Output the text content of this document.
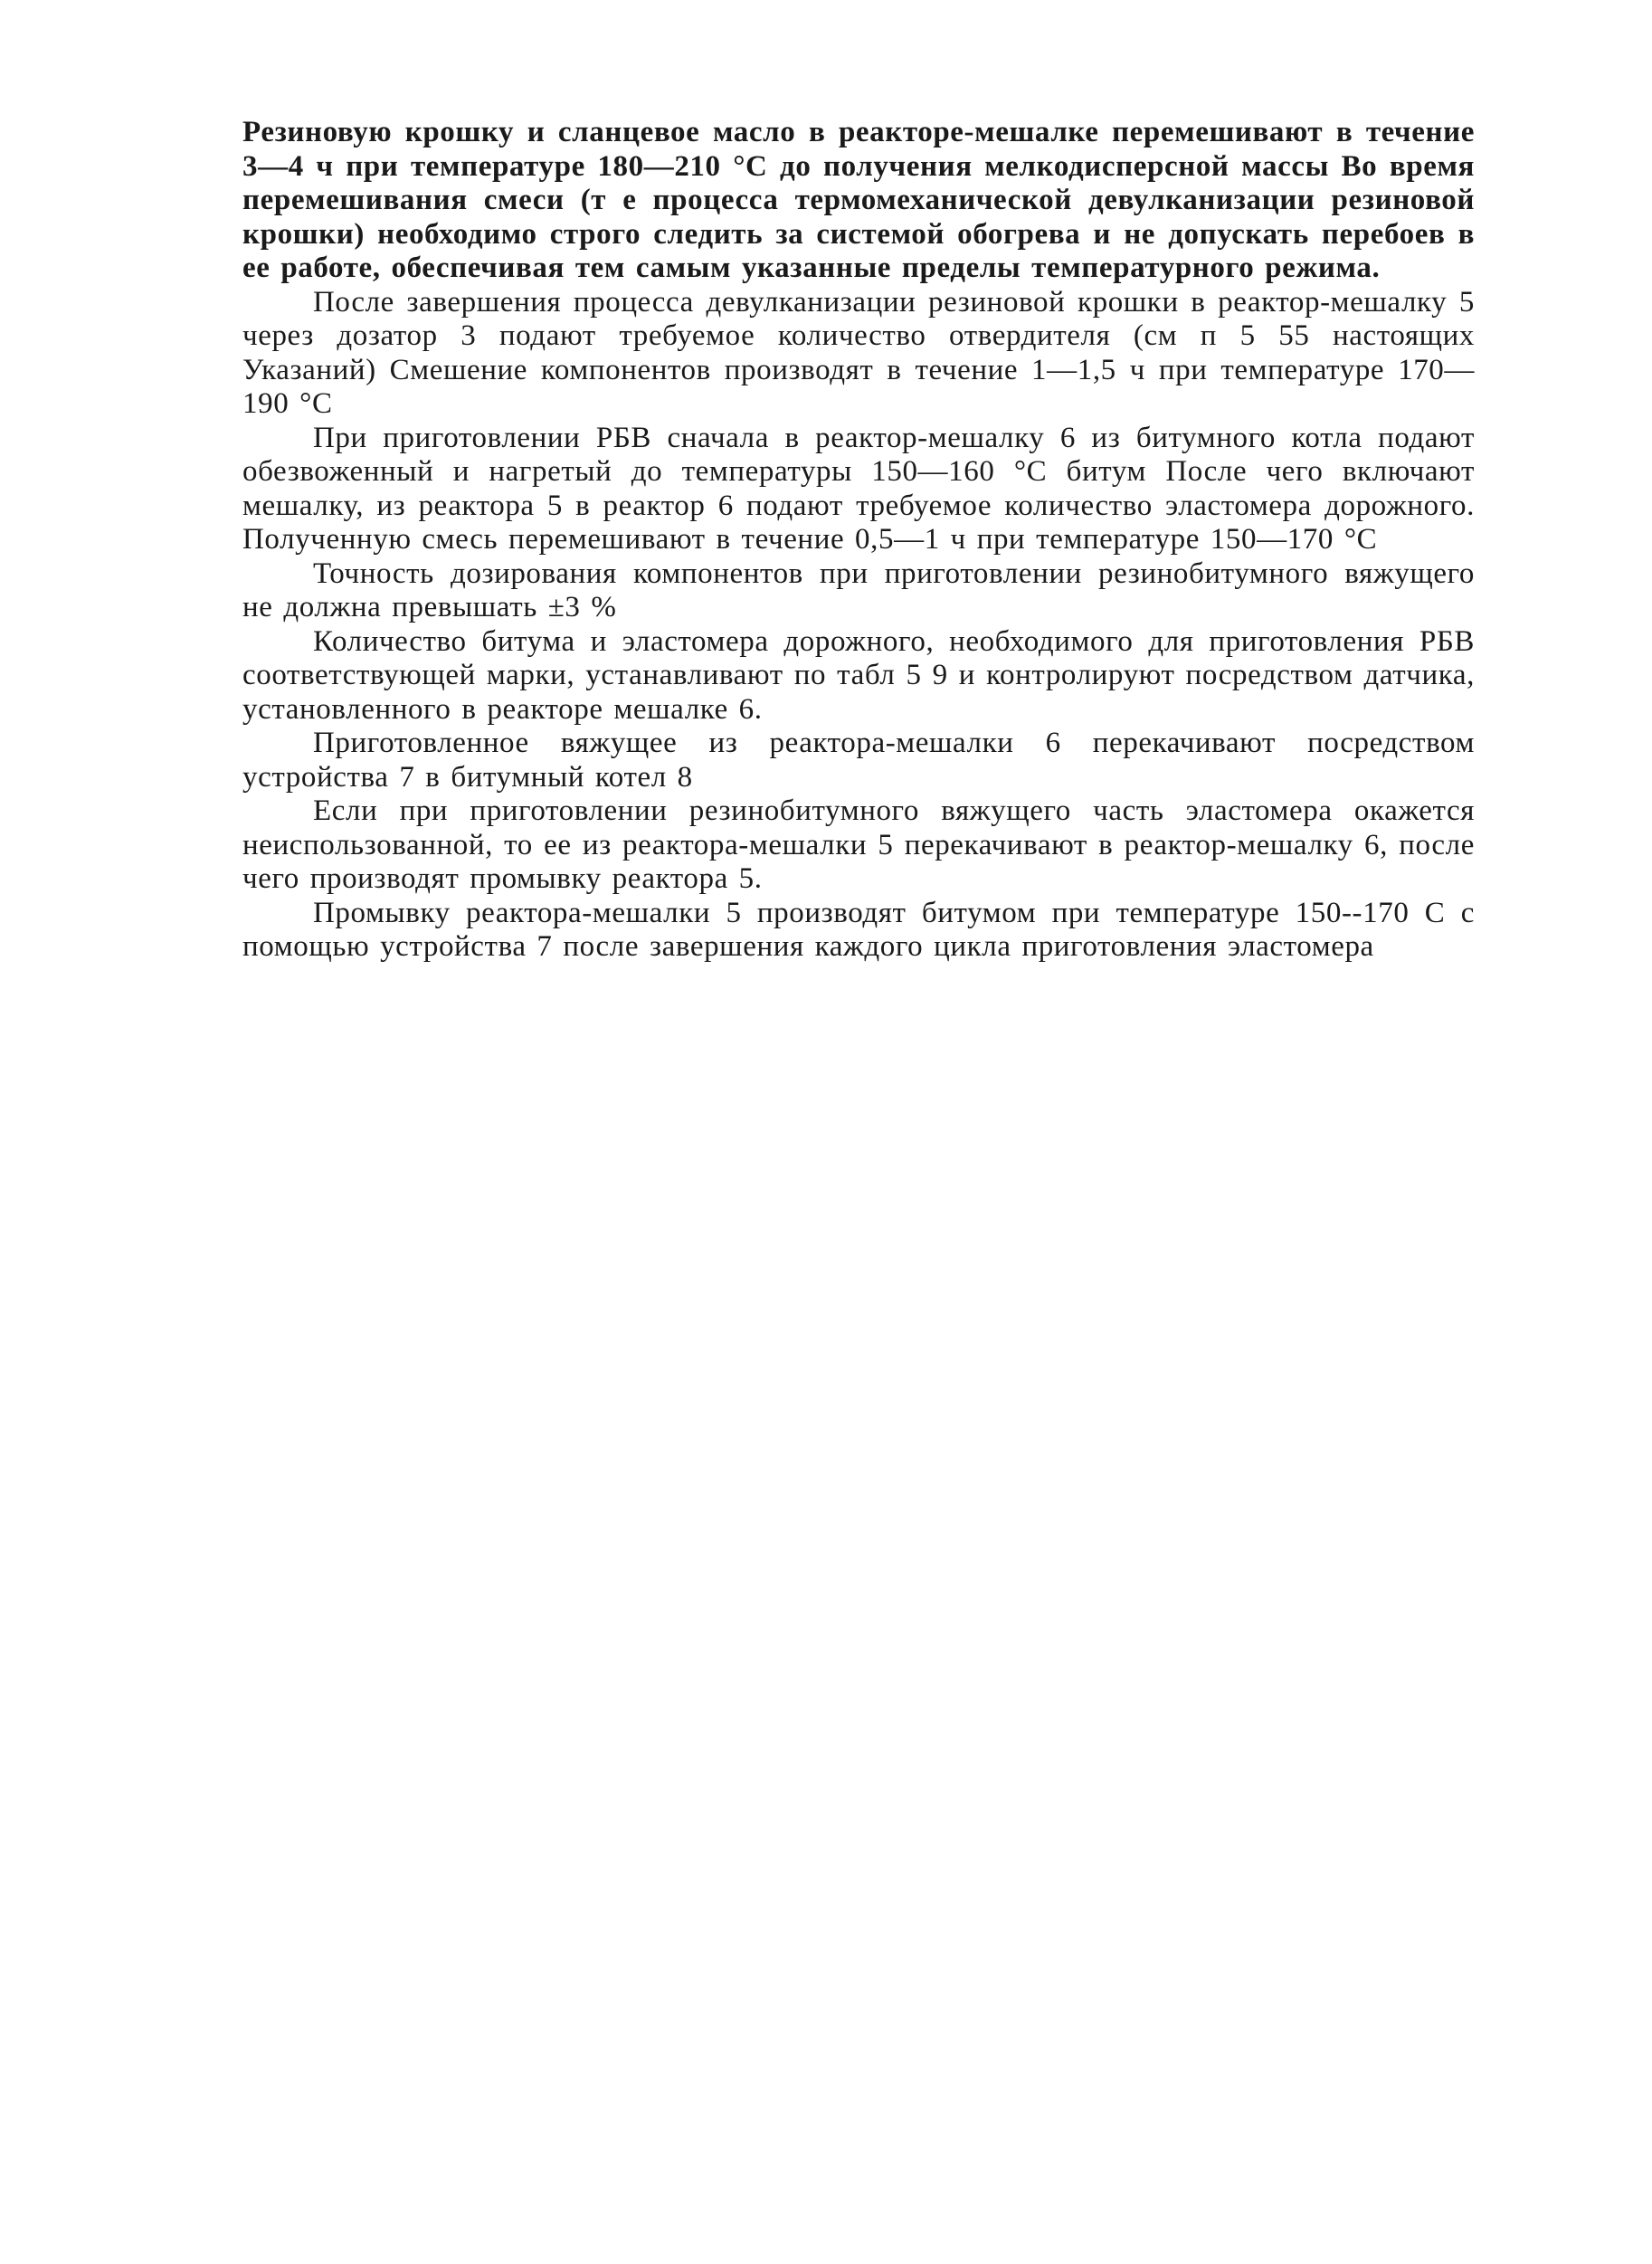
Резиновую крошку и сланцевое масло в реакторе-мешалке перемешивают в течение 3—4 ч при температуре 180—210 °С до получения мелкодисперсной массы Во время перемешивания смеси (т е процесса термомеханической девулканизации резиновой крошки) необходимо строго следить за системой обогрева и не допускать перебоев в ее работе, обеспечивая тем самым указанные пределы температурного режима.

После завершения процесса девулканизации резиновой крошки в реактор-мешалку 5 через дозатор 3 подают требуемое количество отвердителя (см п 5 55 настоящих Указаний) Смешение компонентов производят в течение 1—1,5 ч при температуре 170—190 °С

При приготовлении РБВ сначала в реактор-мешалку 6 из битумного котла подают обезвоженный и нагретый до температуры 150—160 °С битум После чего включают мешалку, из реактора 5 в реактор 6 подают требуемое количество эластомера дорожного. Полученную смесь перемешивают в течение 0,5—1 ч при температуре 150—170 °С

Точность дозирования компонентов при приготовлении резинобитумного вяжущего не должна превышать ±3 %

Количество битума и эластомера дорожного, необходимого для приготовления РБВ соответствующей марки, устанавливают по табл 5 9 и контролируют посредством датчика, установленного в реакторе мешалке 6.

Приготовленное вяжущее из реактора-мешалки 6 перекачивают посредством устройства 7 в битумный котел 8

Если при приготовлении резинобитумного вяжущего часть эластомера окажется неиспользованной, то ее из реактора-мешалки 5 перекачивают в реактор-мешалку 6, после чего производят промывку реактора 5.

Промывку реактора-мешалки 5 производят битумом при температуре 150--170 С с помощью устройства 7 после завершения каждого цикла приготовления эластомера
